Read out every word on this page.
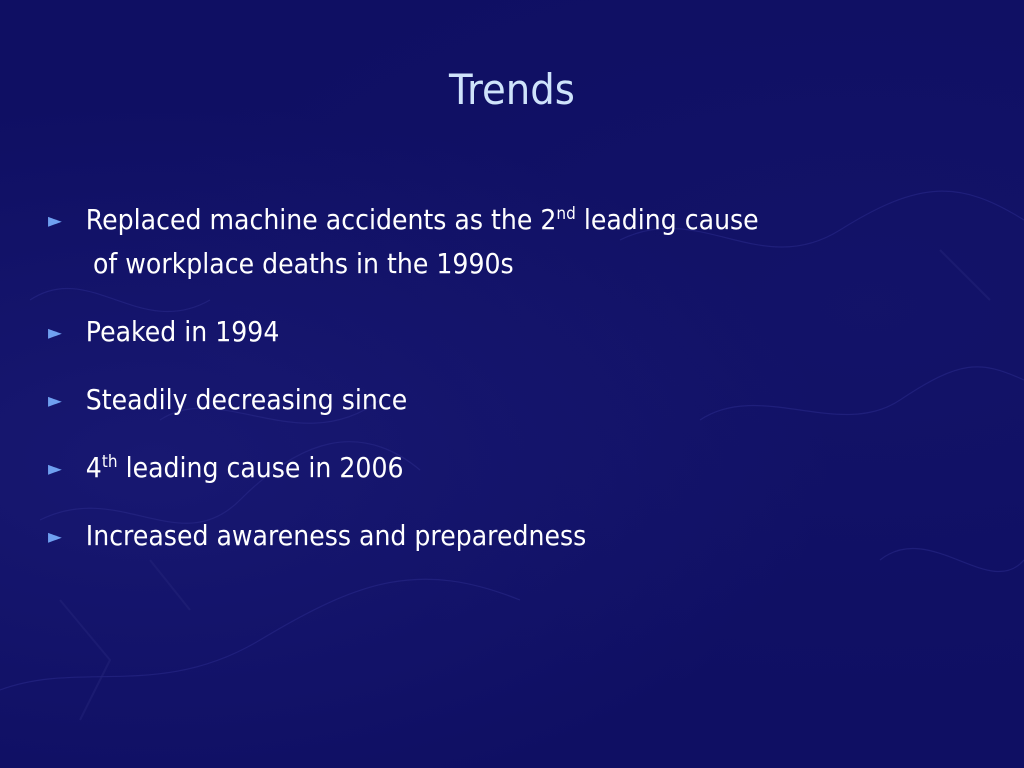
Trends
► Replaced machine accidents as the 2nd leading cause
of workplace deaths in the 1990s
► Peaked in 1994
► Steadily decreasing since
► 4th leading cause in 2006
► Increased awareness and preparedness
